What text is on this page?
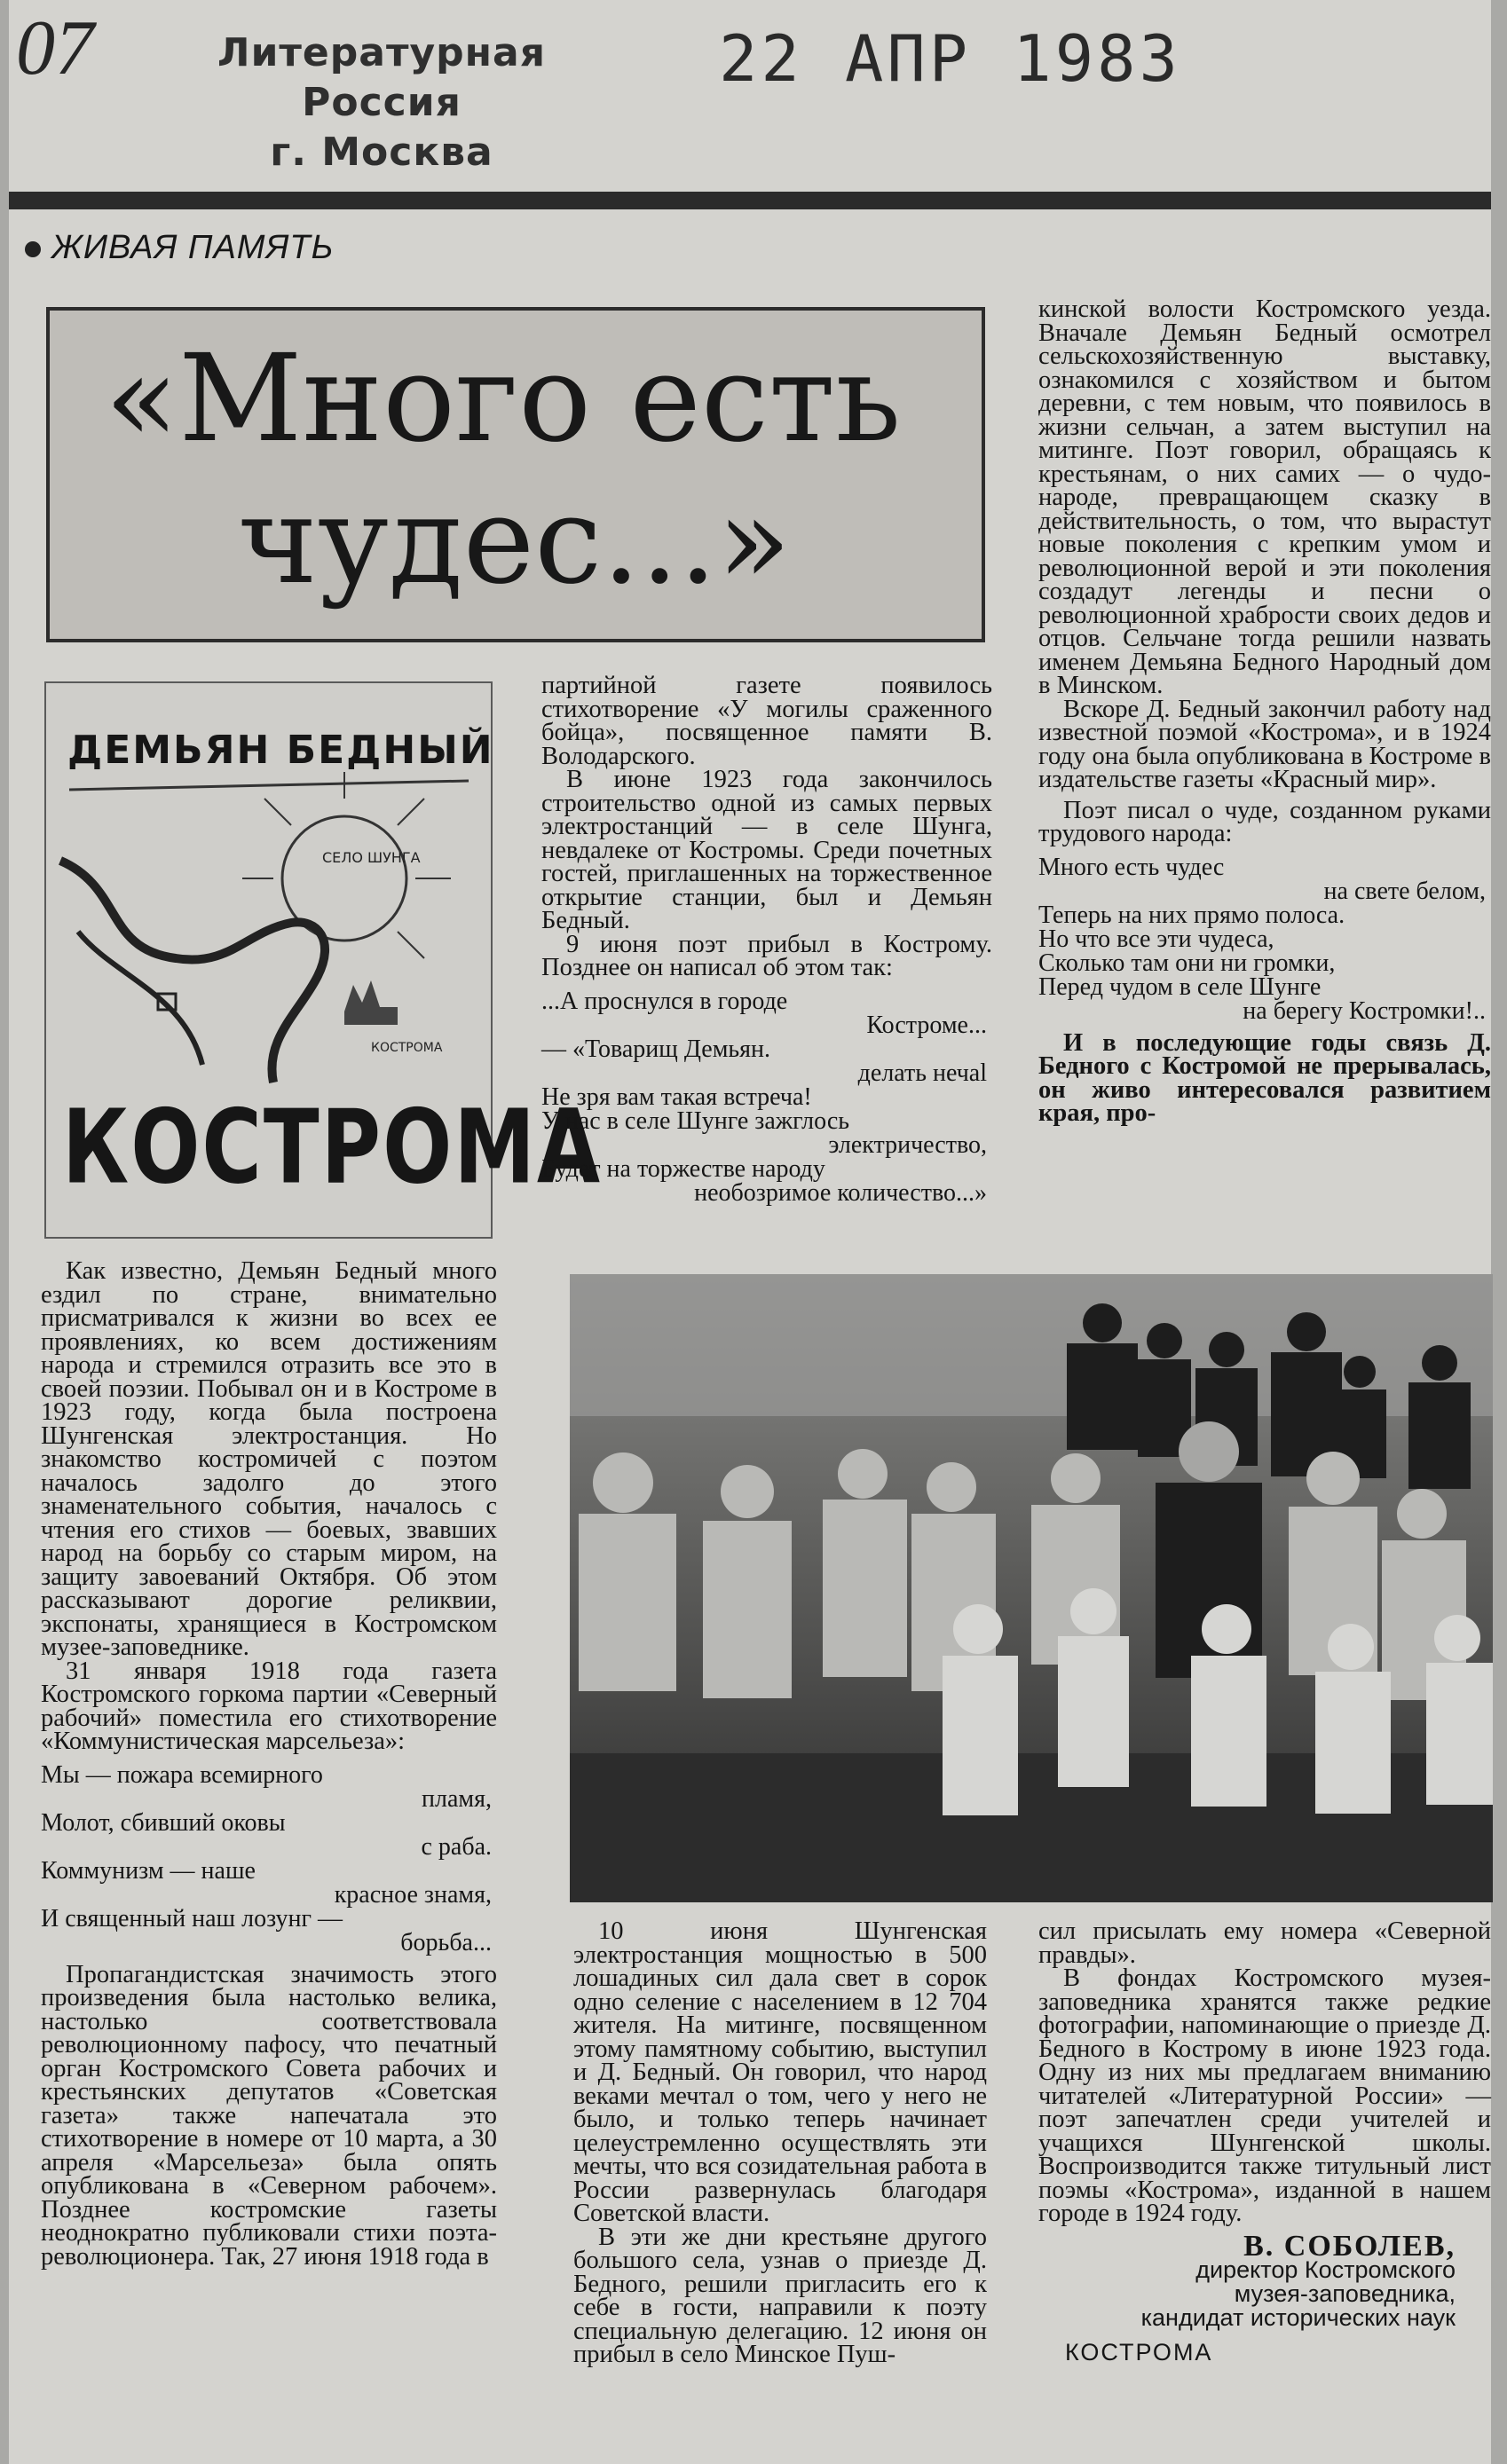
07	Литературная Россия
г. Москва
22 АПР 1983
ЖИВАЯ ПАМЯТЬ
«Много есть
чудес...»
ДЕМЬЯН БЕДНЫЙ
СЕЛО ШУНГА
КОСТРОМА
КОСТРОМА

Как известно, Демьян Бедный много ездил по стране, внимательно присматривался к жизни во всех ее проявлениях, ко всем достижениям народа и стремился отразить все это в своей поэзии. Побывал он и в Костроме в 1923 году, когда была построена Шунгенская электростанция. Но знакомство костромичей с поэтом началось задолго до этого знаменательного события, началось с чтения его стихов — боевых, звавших народ на борьбу со старым миром, на защиту завоеваний Октября. Об этом рассказывают дорогие реликвии, экспонаты, хранящиеся в Костромском музее-заповеднике.

31 января 1918 года газета Костромского горкома партии «Северный рабочий» поместила его стихотворение «Коммунистическая марсельеза»:

Мы — пожара всемирного
пламя,
Молот, сбивший оковы
с раба.
Коммунизм — наше
красное знамя,
И священный наш лозунг —
борьба...

Пропагандистская значимость этого произведения была настолько велика, настолько соответствовала революционному пафосу, что печатный орган Костромского Совета рабочих и крестьянских депутатов «Советская газета» также напечатала это стихотворение в номере от 10 марта, а 30 апреля «Марсельеза» была опять опубликована в «Северном рабочем». Позднее костромские газеты неоднократно публиковали стихи поэта-революционера. Так, 27 июня 1918 года в

партийной газете появилось стихотворение «У могилы сраженного бойца», посвященное памяти В. Володарского.

В июне 1923 года закончилось строительство одной из самых первых электростанций — в селе Шунга, невдалеке от Костромы. Среди почетных гостей, приглашенных на торжественное открытие станции, был и Демьян Бедный.

9 июня поэт прибыл в Кострому. Позднее он написал об этом так:

...А проснулся в городе
Костроме...
— «Товарищ Демьян.
делать нечаl
Не зря вам такая встреча!
У нас в селе Шунге зажглось
электричество,
Будет на торжестве народу
необозримое количество...»

кинской волости Костромского уезда. Вначале Демьян Бедный осмотрел сельскохозяйственную выставку, ознакомился с хозяйством и бытом деревни, с тем новым, что появилось в жизни сельчан, а затем выступил на митинге. Поэт говорил, обращаясь к крестьянам, о них самих — о чудо-народе, превращающем сказку в действительность, о том, что вырастут новые поколения с крепким умом и революционной верой и эти поколения создадут легенды и песни о революционной храбрости своих дедов и отцов. Сельчане тогда решили назвать именем Демьяна Бедного Народный дом в Минском.

Вскоре Д. Бедный закончил работу над известной поэмой «Кострома», и в 1924 году она была опубликована в Костроме в издательстве газеты «Красный мир».

Поэт писал о чуде, созданном руками трудового народа:

Много есть чудес
на свете белом,
Теперь на них прямо полоса.
Но что все эти чудеса,
Сколько там они ни громки,
Перед чудом в селе Шунге
на берегу Костромки!..

И в последующие годы связь Д. Бедного с Костромой не прерывалась, он живо интересовался развитием края, про-

10 июня Шунгенская электростанция мощностью в 500 лошадиных сил дала свет в сорок одно селение с населением в 12 704 жителя. На митинге, посвященном этому памятному событию, выступил и Д. Бедный. Он говорил, что народ веками мечтал о том, чего у него не было, и только теперь начинает целеустремленно осуществлять эти мечты, что вся созидательная работа в России развернулась благодаря Советской власти.

В эти же дни крестьяне другого большого села, узнав о приезде Д. Бедного, решили пригласить его к себе в гости, направили к поэту специальную делегацию. 12 июня он прибыл в село Минское Пуш-

сил присылать ему номера «Северной правды».

В фондах Костромского музея-заповедника хранятся также редкие фотографии, напоминающие о приезде Д. Бедного в Кострому в июне 1923 года. Одну из них мы предлагаем вниманию читателей «Литературной России» — поэт запечатлен среди учителей и учащихся Шунгенской школы. Воспроизводится также титульный лист поэмы «Кострома», изданной в нашем городе в 1924 году.

В. СОБОЛЕВ,
директор Костромского
музея-заповедника,
кандидат исторических наук
КОСТРОМА
